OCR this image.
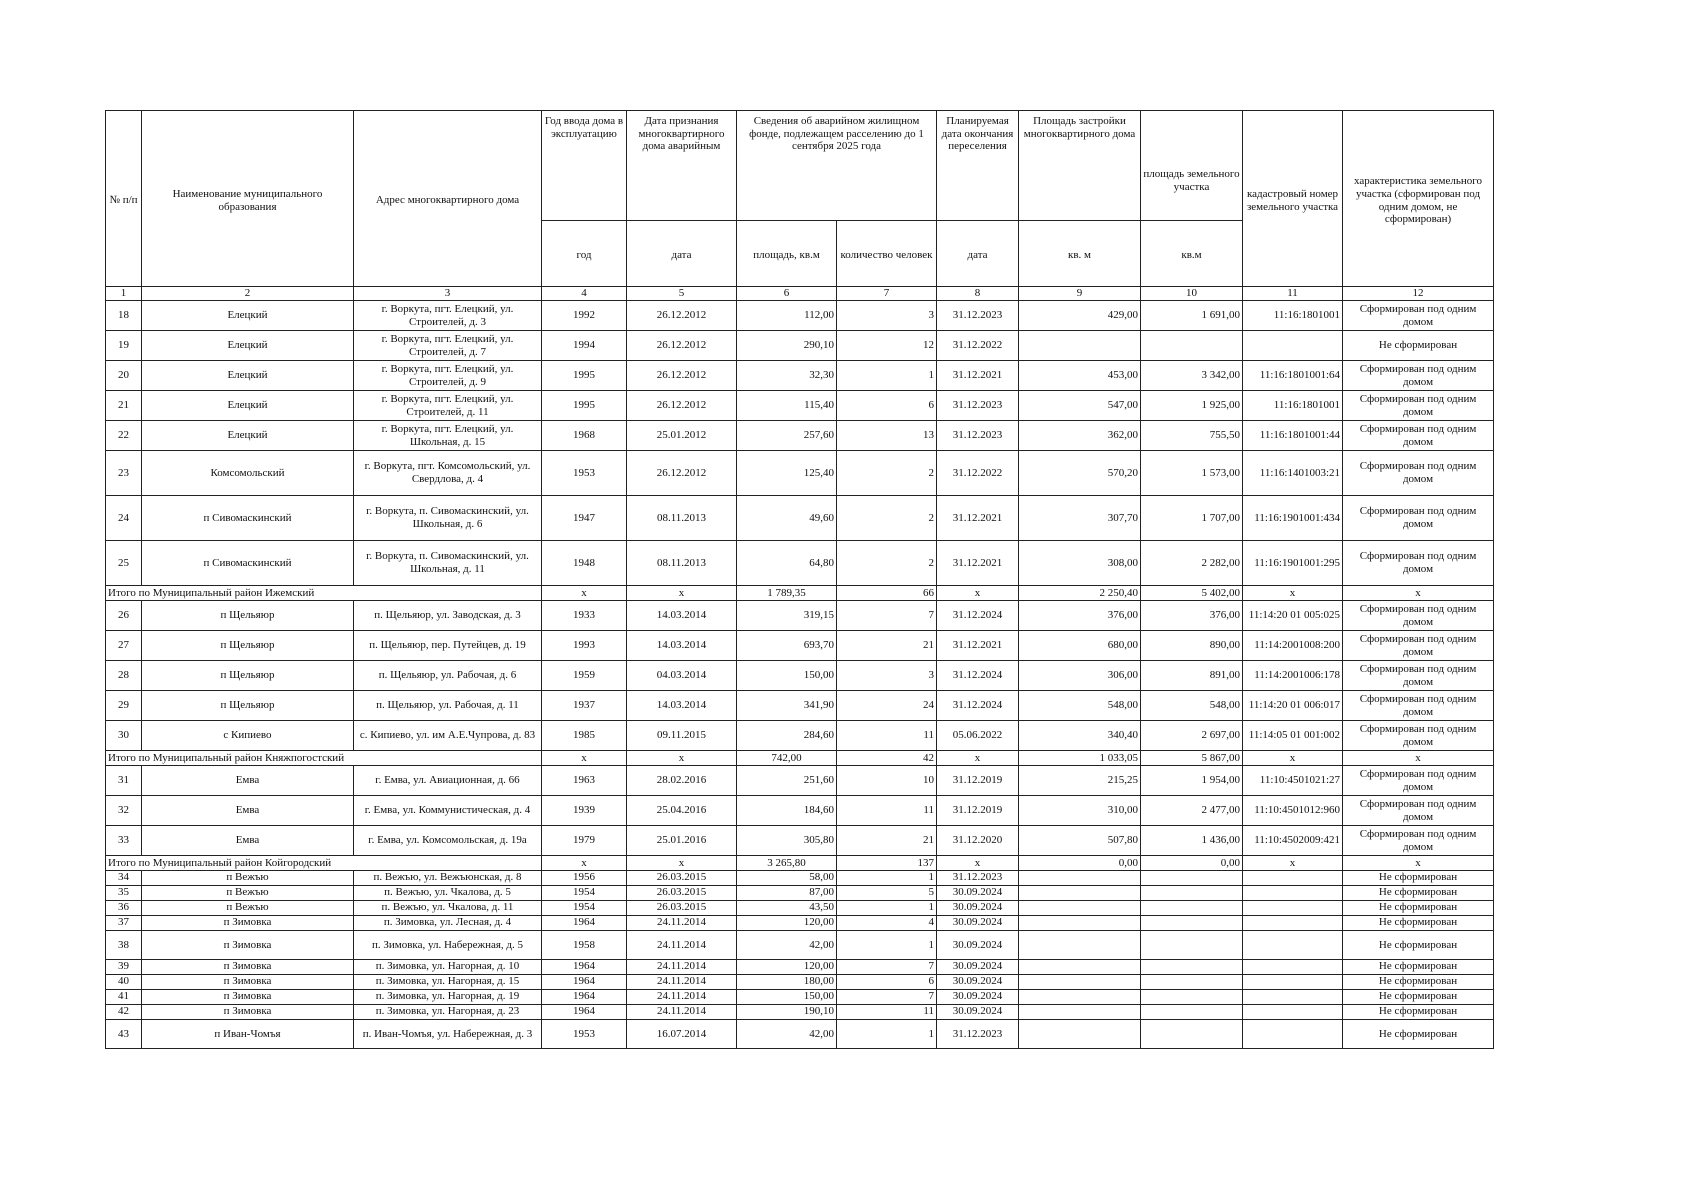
№ п/п	Наименование муниципального образования	Адрес многоквартирного дома	Год ввода дома в эксплуатацию	Дата признания многоквартирного дома аварийным	Сведения об аварийном жилищном фонде, подлежащем расселению до 1 сентября 2025 года		Планируемая дата окончания переселения	Площадь застройки многоквартирного дома	площадь земельного участка	кадастровый номер земельного участка	характеристика земельного участка (сформирован под одним домом, не сформирован)
			год	дата	площадь, кв.м	количество человек	дата	кв. м	кв.м		
1	2	3	4	5	6	7	8	9	10	11	12
18	Елецкий	г. Воркута, пгт. Елецкий, ул. Строителей, д. 3	1992	26.12.2012	112,00	3	31.12.2023	429,00	1 691,00	11:16:1801001	Сформирован под одним домом
19	Елецкий	г. Воркута, пгт. Елецкий, ул. Строителей, д. 7	1994	26.12.2012	290,10	12	31.12.2022				Не сформирован
20	Елецкий	г. Воркута, пгт. Елецкий, ул. Строителей, д. 9	1995	26.12.2012	32,30	1	31.12.2021	453,00	3 342,00	11:16:1801001:64	Сформирован под одним домом
21	Елецкий	г. Воркута, пгт. Елецкий, ул. Строителей, д. 11	1995	26.12.2012	115,40	6	31.12.2023	547,00	1 925,00	11:16:1801001	Сформирован под одним домом
22	Елецкий	г. Воркута, пгт. Елецкий, ул. Школьная, д. 15	1968	25.01.2012	257,60	13	31.12.2023	362,00	755,50	11:16:1801001:44	Сформирован под одним домом
23	Комсомольский	г. Воркута, пгт. Комсомольский, ул. Свердлова, д. 4	1953	26.12.2012	125,40	2	31.12.2022	570,20	1 573,00	11:16:1401003:21	Сформирован под одним домом
24	п Сивомаскинский	г. Воркута, п. Сивомаскинский, ул. Школьная, д. 6	1947	08.11.2013	49,60	2	31.12.2021	307,70	1 707,00	11:16:1901001:434	Сформирован под одним домом
25	п Сивомаскинский	г. Воркута, п. Сивомаскинский, ул. Школьная, д. 11	1948	08.11.2013	64,80	2	31.12.2021	308,00	2 282,00	11:16:1901001:295	Сформирован под одним домом
Итого по Муниципальный район Ижемский			x	x	1 789,35	66	x	2 250,40	5 402,00	x	x
26	п Щельяюр	п. Щельяюр, ул. Заводская, д. 3	1933	14.03.2014	319,15	7	31.12.2024	376,00	376,00	11:14:20 01 005:025	Сформирован под одним домом
27	п Щельяюр	п. Щельяюр, пер. Путейцев, д. 19	1993	14.03.2014	693,70	21	31.12.2021	680,00	890,00	11:14:2001008:200	Сформирован под одним домом
28	п Щельяюр	п. Щельяюр, ул. Рабочая, д. 6	1959	04.03.2014	150,00	3	31.12.2024	306,00	891,00	11:14:2001006:178	Сформирован под одним домом
29	п Щельяюр	п. Щельяюр, ул. Рабочая, д. 11	1937	14.03.2014	341,90	24	31.12.2024	548,00	548,00	11:14:20 01 006:017	Сформирован под одним домом
30	с Кипиево	с. Кипиево, ул. им А.Е.Чупрова, д. 83	1985	09.11.2015	284,60	11	05.06.2022	340,40	2 697,00	11:14:05 01 001:002	Сформирован под одним домом
Итого по Муниципальный район Княжпогостский			x	x	742,00	42	x	1 033,05	5 867,00	x	x
31	Емва	г. Емва, ул. Авиационная, д. 66	1963	28.02.2016	251,60	10	31.12.2019	215,25	1 954,00	11:10:4501021:27	Сформирован под одним домом
32	Емва	г. Емва, ул. Коммунистическая, д. 4	1939	25.04.2016	184,60	11	31.12.2019	310,00	2 477,00	11:10:4501012:960	Сформирован под одним домом
33	Емва	г. Емва, ул. Комсомольская, д. 19а	1979	25.01.2016	305,80	21	31.12.2020	507,80	1 436,00	11:10:4502009:421	Сформирован под одним домом
Итого по Муниципальный район Койгородский			x	x	3 265,80	137	x	0,00	0,00	x	x
34	п Вежъю	п. Вежъю, ул. Вежъюнская, д. 8	1956	26.03.2015	58,00	1	31.12.2023				Не сформирован
35	п Вежъю	п. Вежъю, ул. Чкалова, д. 5	1954	26.03.2015	87,00	5	30.09.2024				Не сформирован
36	п Вежъю	п. Вежъю, ул. Чкалова, д. 11	1954	26.03.2015	43,50	1	30.09.2024				Не сформирован
37	п Зимовка	п. Зимовка, ул. Лесная, д. 4	1964	24.11.2014	120,00	4	30.09.2024				Не сформирован
38	п Зимовка	п. Зимовка, ул. Набережная, д. 5	1958	24.11.2014	42,00	1	30.09.2024				Не сформирован
39	п Зимовка	п. Зимовка, ул. Нагорная, д. 10	1964	24.11.2014	120,00	7	30.09.2024				Не сформирован
40	п Зимовка	п. Зимовка, ул. Нагорная, д. 15	1964	24.11.2014	180,00	6	30.09.2024				Не сформирован
41	п Зимовка	п. Зимовка, ул. Нагорная, д. 19	1964	24.11.2014	150,00	7	30.09.2024				Не сформирован
42	п Зимовка	п. Зимовка, ул. Нагорная, д. 23	1964	24.11.2014	190,10	11	30.09.2024				Не сформирован
43	п Иван-Чомъя	п. Иван-Чомъя, ул. Набережная, д. 3	1953	16.07.2014	42,00	1	31.12.2023				Не сформирован
